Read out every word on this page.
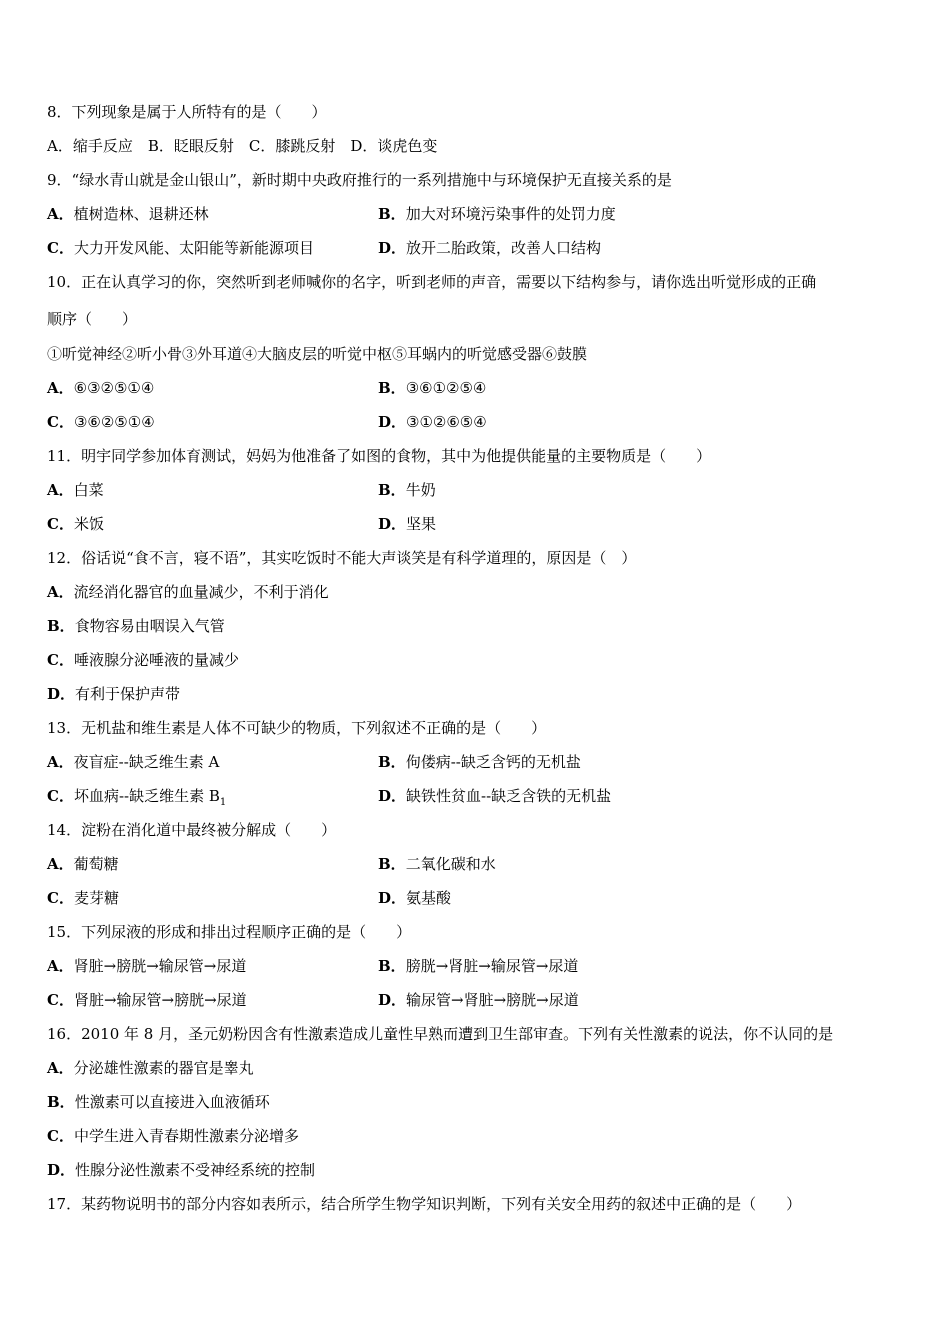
8．下列现象是属于人所特有的是（　　）
A．缩手反应　B．眨眼反射　C．膝跳反射　D．谈虎色变
9．“绿水青山就是金山银山”，新时期中央政府推行的一系列措施中与环境保护无直接关系的是
A．植树造林、退耕还林	B．加大对环境污染事件的处罚力度
C．大力开发风能、太阳能等新能源项目	D．放开二胎政策，改善人口结构
10．正在认真学习的你，突然听到老师喊你的名字，听到老师的声音，需要以下结构参与，请你选出听觉形成的正确
顺序（　　）
①听觉神经②听小骨③外耳道④大脑皮层的听觉中枢⑤耳蜗内的听觉感受器⑥鼓膜
A．⑥③②⑤①④	B．③⑥①②⑤④
C．③⑥②⑤①④	D．③①②⑥⑤④
11．明宇同学参加体育测试，妈妈为他准备了如图的食物，其中为他提供能量的主要物质是（　　）
A．白菜	B．牛奶
C．米饭	D．坚果
12．俗话说“食不言，寝不语”，其实吃饭时不能大声谈笑是有科学道理的，原因是（　）
A．流经消化器官的血量减少，不利于消化
B．食物容易由咽误入气管
C．唾液腺分泌唾液的量减少
D．有利于保护声带
13．无机盐和维生素是人体不可缺少的物质，下列叙述不正确的是（　　）
A．夜盲症--缺乏维生素 A	B．佝偻病--缺乏含钙的无机盐
C．坏血病--缺乏维生素 $B_1$	D．缺铁性贫血--缺乏含铁的无机盐
14．淀粉在消化道中最终被分解成（　　）
A．葡萄糖	B．二氧化碳和水
C．麦芽糖	D．氨基酸
15．下列尿液的形成和排出过程顺序正确的是（　　）
A．肾脏→膀胱→输尿管→尿道	B．膀胱→肾脏→输尿管→尿道
C．肾脏→输尿管→膀胱→尿道	D．输尿管→肾脏→膀胱→尿道
16．2010 年 8 月，圣元奶粉因含有性激素造成儿童性早熟而遭到卫生部审查。下列有关性激素的说法，你不认同的是
A．分泌雄性激素的器官是睾丸
B．性激素可以直接进入血液循环
C．中学生进入青春期性激素分泌增多
D．性腺分泌性激素不受神经系统的控制
17．某药物说明书的部分内容如表所示，结合所学生物学知识判断，下列有关安全用药的叙述中正确的是（　　）
